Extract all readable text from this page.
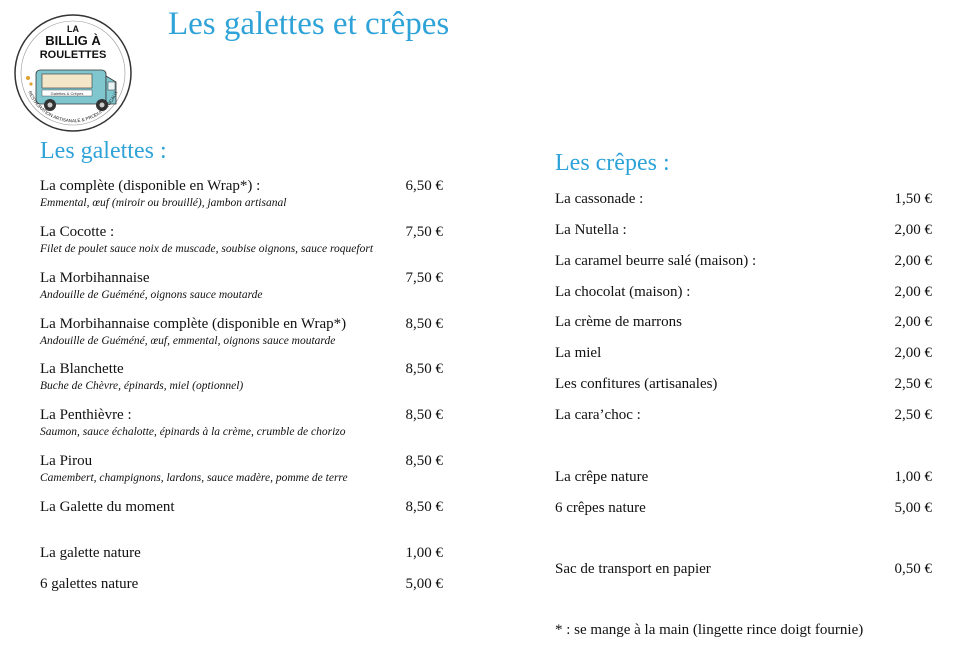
LA
BILLIG À
ROULETTES
Galettes & Crêpes
RESTAURATION ARTISANALE & PRODUITS LOCAUX
Les galettes et crêpes
Les galettes :
La complète (disponible en Wrap*) :	6,50 €
Emmental, œuf (miroir ou brouillé), jambon artisanal
La Cocotte :	7,50 €
Filet de poulet sauce noix de muscade, soubise oignons, sauce roquefort
La Morbihannaise	7,50 €
Andouille de Guéméné, oignons sauce moutarde
La Morbihannaise complète (disponible en Wrap*)	8,50 €
Andouille de Guéméné, œuf, emmental, oignons sauce moutarde
La Blanchette	8,50 €
Buche de Chèvre, épinards, miel (optionnel)
La Penthièvre :	8,50 €
Saumon, sauce échalotte, épinards à la crème, crumble de chorizo
La Pirou	8,50 €
Camembert, champignons, lardons, sauce madère, pomme de terre
La Galette du moment	8,50 €
La galette nature	1,00 €
6 galettes nature	5,00 €
Les crêpes :
La cassonade :	1,50 €
La Nutella :	2,00 €
La caramel beurre salé (maison) :	2,00 €
La chocolat (maison) :	2,00 €
La crème de marrons	2,00 €
La miel	2,00 €
Les confitures (artisanales)	2,50 €
La cara’choc :	2,50 €
La crêpe nature	1,00 €
6 crêpes nature	5,00 €
Sac de transport en papier	0,50 €
* : se mange à la main (lingette rince doigt fournie)
